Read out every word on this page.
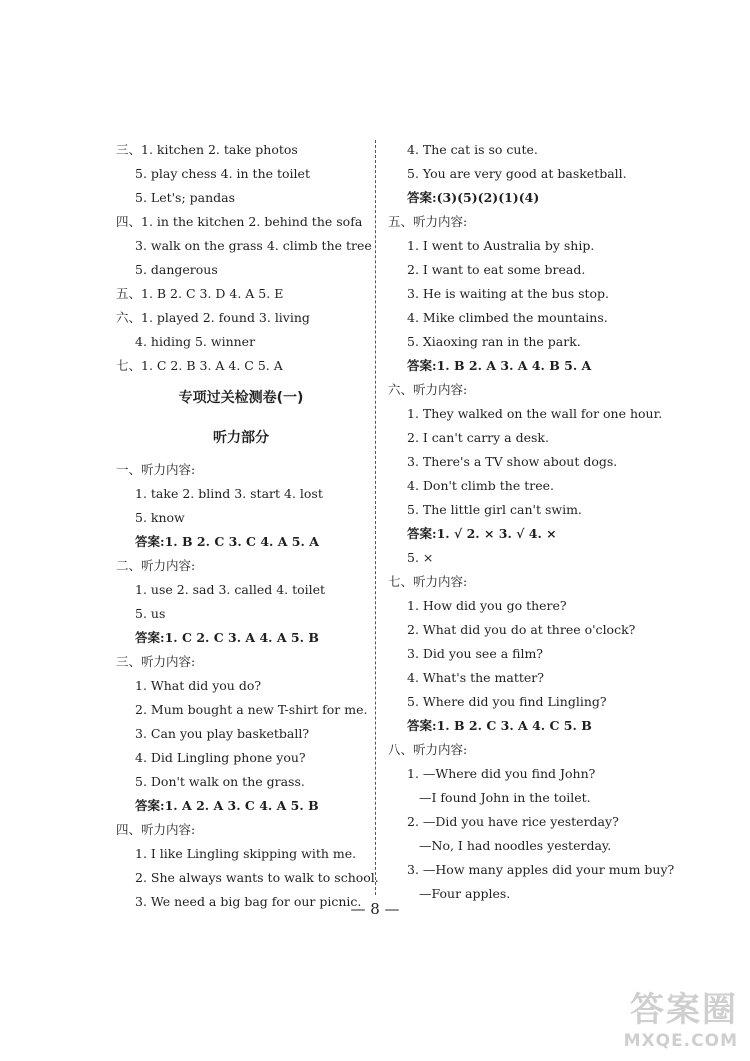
三、1. kitchen 2. take photos
5. play chess 4. in the toilet
5. Let's; pandas
四、1. in the kitchen 2. behind the sofa
3. walk on the grass 4. climb the tree
5. dangerous
五、1. B 2. C 3. D 4. A 5. E
六、1. played 2. found 3. living
4. hiding 5. winner
七、1. C 2. B 3. A 4. C 5. A
专项过关检测卷(一)
听力部分
一、听力内容:
1. take 2. blind 3. start 4. lost
5. know
答案:1. B 2. C 3. C 4. A 5. A
二、听力内容:
1. use 2. sad 3. called 4. toilet
5. us
答案:1. C 2. C 3. A 4. A 5. B
三、听力内容:
1. What did you do?
2. Mum bought a new T-shirt for me.
3. Can you play basketball?
4. Did Lingling phone you?
5. Don't walk on the grass.
答案:1. A 2. A 3. C 4. A 5. B
四、听力内容:
1. I like Lingling skipping with me.
2. She always wants to walk to school.
3. We need a big bag for our picnic.
4. The cat is so cute.
5. You are very good at basketball.
答案:(3)(5)(2)(1)(4)
五、听力内容:
1. I went to Australia by ship.
2. I want to eat some bread.
3. He is waiting at the bus stop.
4. Mike climbed the mountains.
5. Xiaoxing ran in the park.
答案:1. B 2. A 3. A 4. B 5. A
六、听力内容:
1. They walked on the wall for one hour.
2. I can't carry a desk.
3. There's a TV show about dogs.
4. Don't climb the tree.
5. The little girl can't swim.
答案:1. √ 2. × 3. √ 4. ×
5. ×
七、听力内容:
1. How did you go there?
2. What did you do at three o'clock?
3. Did you see a film?
4. What's the matter?
5. Where did you find Lingling?
答案:1. B 2. C 3. A 4. C 5. B
八、听力内容:
1. —Where did you find John?
—I found John in the toilet.
2. —Did you have rice yesterday?
—No, I had noodles yesterday.
3. —How many apples did your mum buy?
—Four apples.
— 8 —
答案圈
MXQE.COM
